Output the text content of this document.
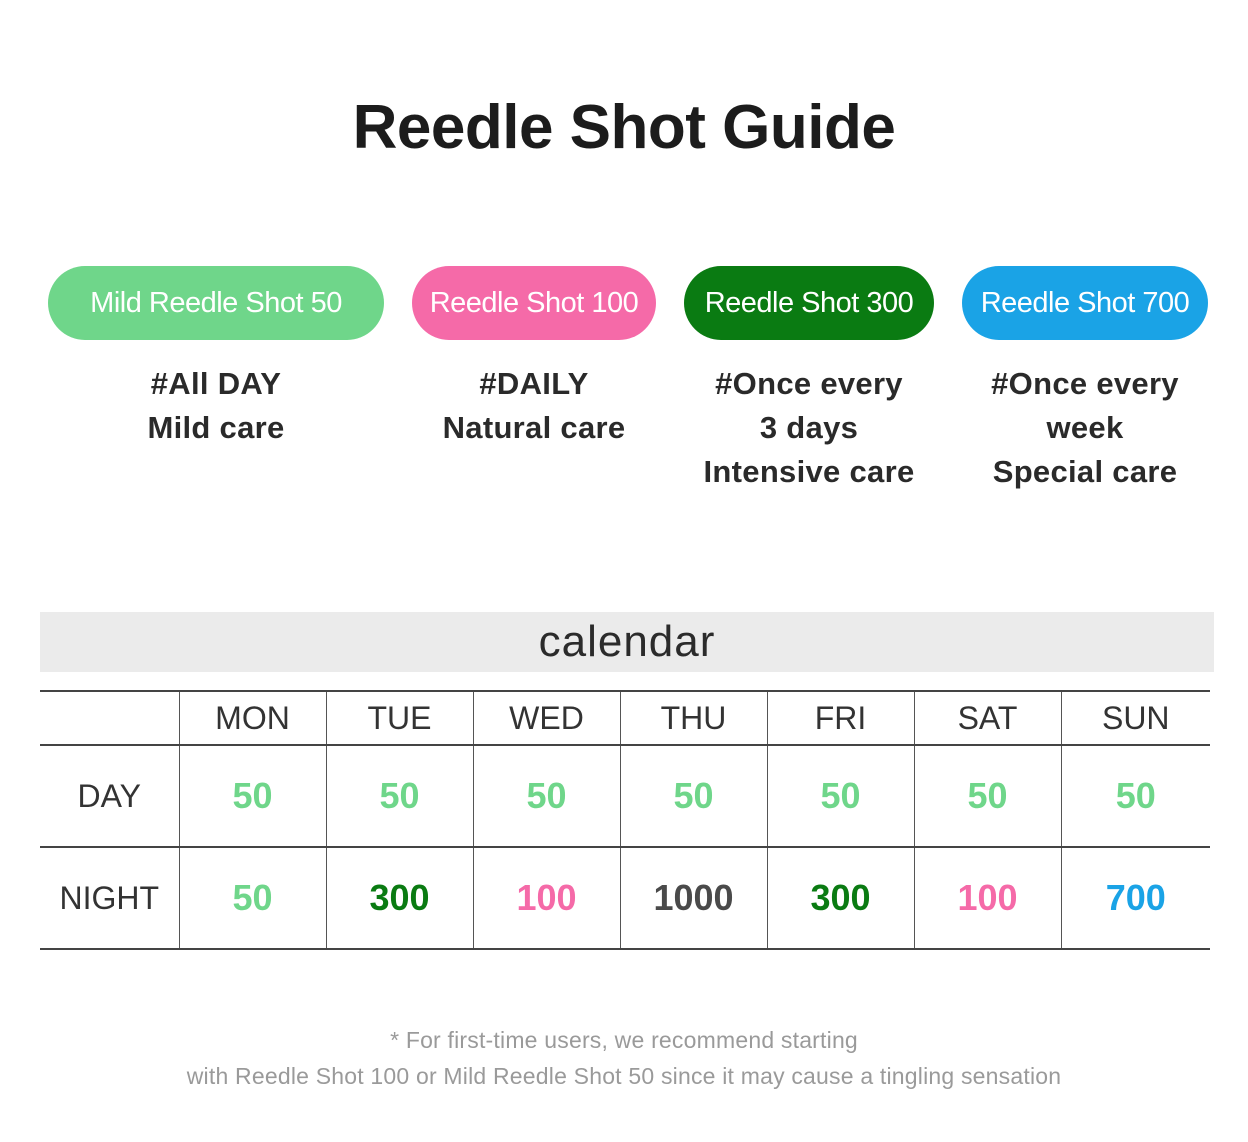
Reedle Shot Guide
Mild Reedle Shot 50
#All DAY
Mild care
Reedle Shot 100
#DAILY
Natural care
Reedle Shot 300
#Once every
3 days
Intensive care
Reedle Shot 700
#Once every
week
Special care
calendar
	MON	TUE	WED	THU	FRI	SAT	SUN
DAY	50	50	50	50	50	50	50
NIGHT	50	300	100	1000	300	100	700
* For first-time users, we recommend starting
with Reedle Shot 100 or Mild Reedle Shot 50 since it may cause a tingling sensation
